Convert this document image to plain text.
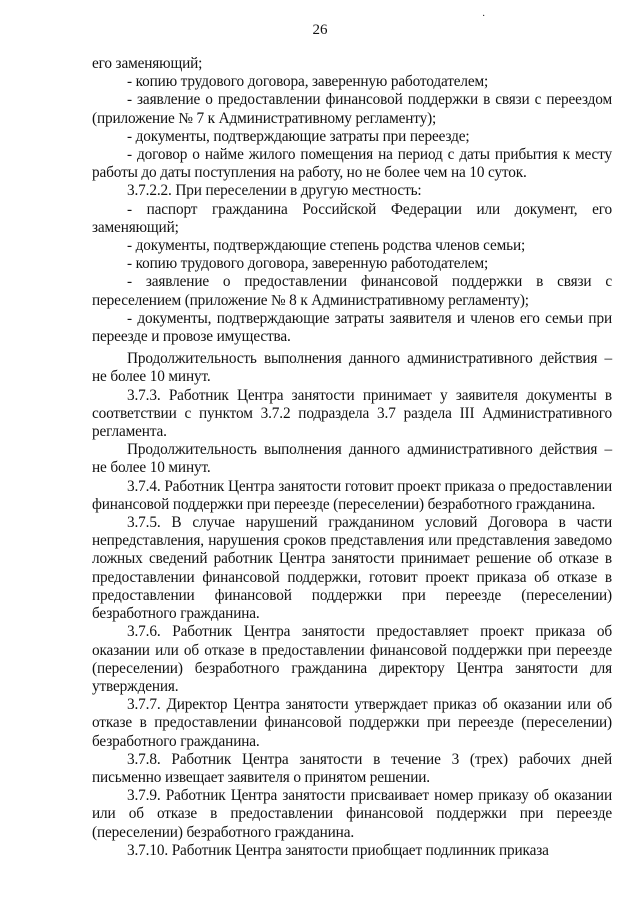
·
26

его заменяющий;

- копию трудового договора, заверенную работодателем;

- заявление о предоставлении финансовой поддержки в связи с переездом (приложение № 7 к Административному регламенту);

- документы, подтверждающие затраты при переезде;

- договор о найме жилого помещения на период с даты прибытия к месту работы до даты поступления на работу, но не более чем на 10 суток.

3.7.2.2. При переселении в другую местность:

- паспорт гражданина Российской Федерации или документ, его заменяющий;

- документы, подтверждающие степень родства членов семьи;

- копию трудового договора, заверенную работодателем;

- заявление о предоставлении финансовой поддержки в связи с переселением (приложение № 8 к Административному регламенту);

- документы, подтверждающие затраты заявителя и членов его семьи при переезде и провозе имущества.

Продолжительность выполнения данного административного действия – не более 10 минут.

3.7.3. Работник Центра занятости принимает у заявителя документы в соответствии с пунктом 3.7.2 подраздела 3.7 раздела III Административного регламента.

Продолжительность выполнения данного административного действия – не более 10 минут.

3.7.4. Работник Центра занятости готовит проект приказа о предоставлении финансовой поддержки при переезде (переселении) безработного гражданина.

3.7.5. В случае нарушений гражданином условий Договора в части непредставления, нарушения сроков представления или представления заведомо ложных сведений работник Центра занятости принимает решение об отказе в предоставлении финансовой поддержки, готовит проект приказа об отказе в предоставлении финансовой поддержки при переезде (переселении) безработного гражданина.

3.7.6. Работник Центра занятости предоставляет проект приказа об оказании или об отказе в предоставлении финансовой поддержки при переезде (переселении) безработного гражданина директору Центра занятости для утверждения.

3.7.7. Директор Центра занятости утверждает приказ об оказании или об отказе в предоставлении финансовой поддержки при переезде (переселении) безработного гражданина.

3.7.8. Работник Центра занятости в течение 3 (трех) рабочих дней письменно извещает заявителя о принятом решении.

3.7.9. Работник Центра занятости присваивает номер приказу об оказании или об отказе в предоставлении финансовой поддержки при переезде (переселении) безработного гражданина.

3.7.10. Работник Центра занятости приобщает подлинник приказа
